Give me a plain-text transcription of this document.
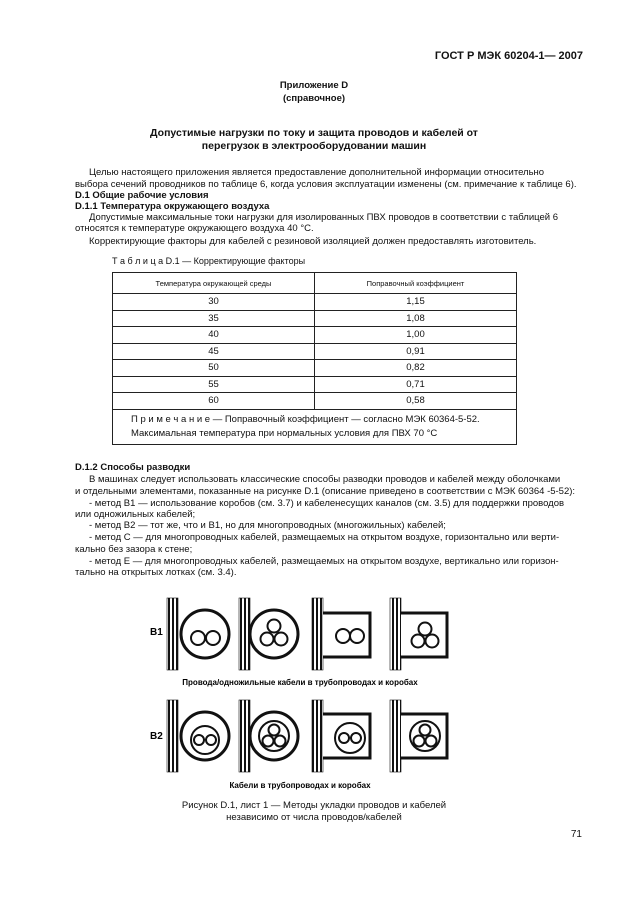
ГОСТ Р МЭК 60204-1— 2007
Приложение D
(справочное)
Допустимые нагрузки по току и защита проводов и кабелей от
перегрузок в электрооборудовании машин
Целью настоящего приложения является предоставление дополнительной информации относительно
выбора сечений проводников по таблице 6, когда условия эксплуатации изменены (см. примечание к таблице 6).
D.1 Общие рабочие условия
D.1.1 Температура окружающего воздуха
Допустимые максимальные токи нагрузки для изолированных ПВХ проводов в соответствии с таблицей 6
относятся к температуре окружающего воздуха 40 °С.
Корректирующие факторы для кабелей с резиновой изоляцией должен предоставлять изготовитель.
Т а б л и ц а D.1 — Корректирующие факторы
Температура окружающей среды	Поправочный коэффициент
30	1,15
35	1,08
40	1,00
45	0,91
50	0,82
55	0,71
60	0,58

П р и м е ч а н и е — Поправочный коэффициент — согласно МЭК 60364-5-52.
Максимальная температура при нормальных условия для ПВХ 70 °С	
D.1.2 Способы разводки
В машинах следует использовать классические способы разводки проводов и кабелей между оболочками
и отдельными элементами, показанные на рисунке D.1 (описание приведено в соответствии с МЭК 60364 -5-52):
- метод В1 — использование коробов (см. 3.7) и кабеленесущих каналов (см. 3.5) для поддержки проводов
или одножильных кабелей;
- метод В2 — тот же, что и В1, но для многопроводных (многожильных) кабелей;
- метод С — для многопроводных кабелей, размещаемых на открытом воздухе, горизонтально или верти-
кально без зазора к стене;
- метод Е — для многопроводных кабелей, размещаемых на открытом воздухе, вертикально или горизон-
тально на открытых лотках (см. 3.4).
В1
Провода/одножильные кабели в трубопроводах и коробах
В2
Кабели в трубопроводах и коробах
Рисунок D.1, лист 1 — Методы укладки проводов и кабелей
независимо от числа проводов/кабелей
71
